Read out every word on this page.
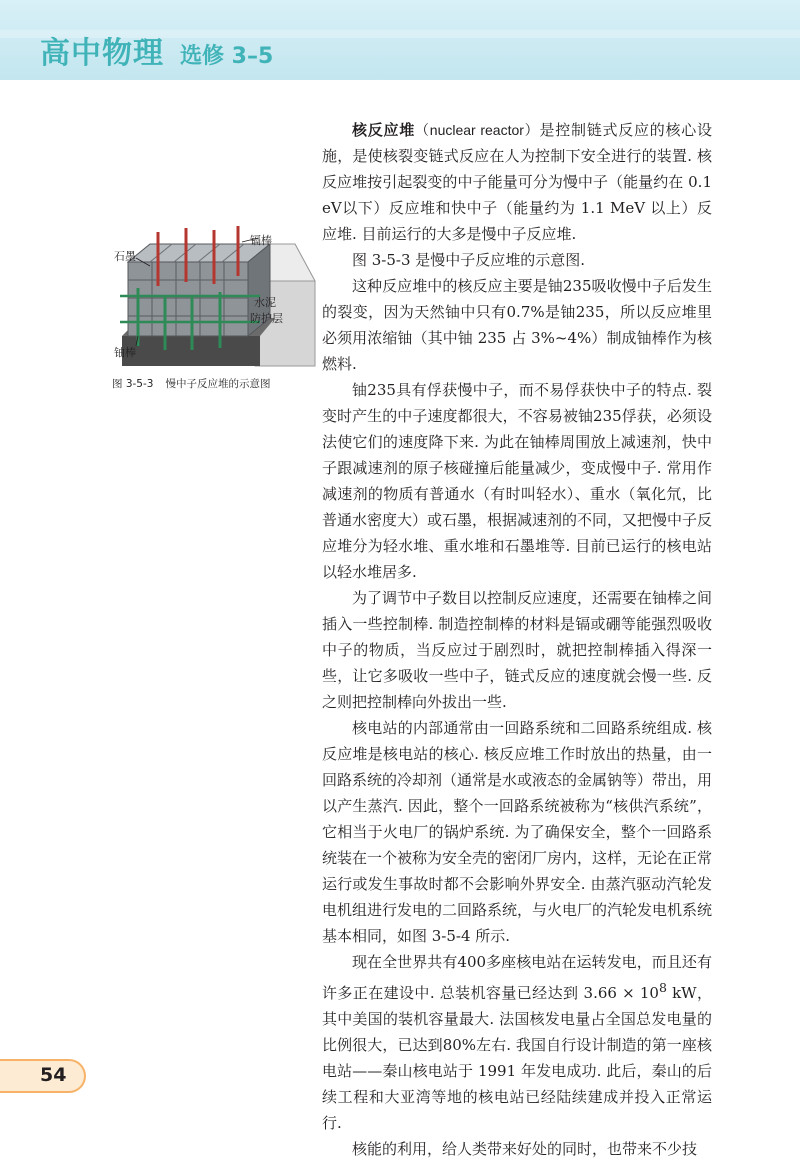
高中物理 选修 3–5
石墨
镉棒
水泥
防护层
铀棒
图 3-5-3 慢中子反应堆的示意图

核反应堆（nuclear reactor）是控制链式反应的核心设施，是使核裂变链式反应在人为控制下安全进行的装置. 核反应堆按引起裂变的中子能量可分为慢中子（能量约在 0.1 eV以下）反应堆和快中子（能量约为 1.1 MeV 以上）反应堆. 目前运行的大多是慢中子反应堆.

图 3-5-3 是慢中子反应堆的示意图.

这种反应堆中的核反应主要是铀235吸收慢中子后发生的裂变，因为天然铀中只有0.7%是铀235，所以反应堆里必须用浓缩铀（其中铀 235 占 3%~4%）制成铀棒作为核燃料.

铀235具有俘获慢中子，而不易俘获快中子的特点. 裂变时产生的中子速度都很大，不容易被铀235俘获，必须设法使它们的速度降下来. 为此在铀棒周围放上减速剂，快中子跟减速剂的原子核碰撞后能量减少，变成慢中子. 常用作减速剂的物质有普通水（有时叫轻水）、重水（氧化氘，比普通水密度大）或石墨，根据减速剂的不同，又把慢中子反应堆分为轻水堆、重水堆和石墨堆等. 目前已运行的核电站以轻水堆居多.

为了调节中子数目以控制反应速度，还需要在铀棒之间插入一些控制棒. 制造控制棒的材料是镉或硼等能强烈吸收中子的物质，当反应过于剧烈时，就把控制棒插入得深一些，让它多吸收一些中子，链式反应的速度就会慢一些. 反之则把控制棒向外拔出一些.

核电站的内部通常由一回路系统和二回路系统组成. 核反应堆是核电站的核心. 核反应堆工作时放出的热量，由一回路系统的冷却剂（通常是水或液态的金属钠等）带出，用以产生蒸汽. 因此，整个一回路系统被称为“核供汽系统”，它相当于火电厂的锅炉系统. 为了确保安全，整个一回路系统装在一个被称为安全壳的密闭厂房内，这样，无论在正常运行或发生事故时都不会影响外界安全. 由蒸汽驱动汽轮发电机组进行发电的二回路系统，与火电厂的汽轮发电机系统基本相同，如图 3-5-4 所示.

现在全世界共有400多座核电站在运转发电，而且还有许多正在建设中. 总装机容量已经达到 $3.66 \times 10^8$ kW，其中美国的装机容量最大. 法国核发电量占全国总发电量的比例很大，已达到80%左右. 我国自行设计制造的第一座核电站——秦山核电站于 1991 年发电成功. 此后，秦山的后续工程和大亚湾等地的核电站已经陆续建成并投入正常运行.

核能的利用，给人类带来好处的同时，也带来不少技

54
